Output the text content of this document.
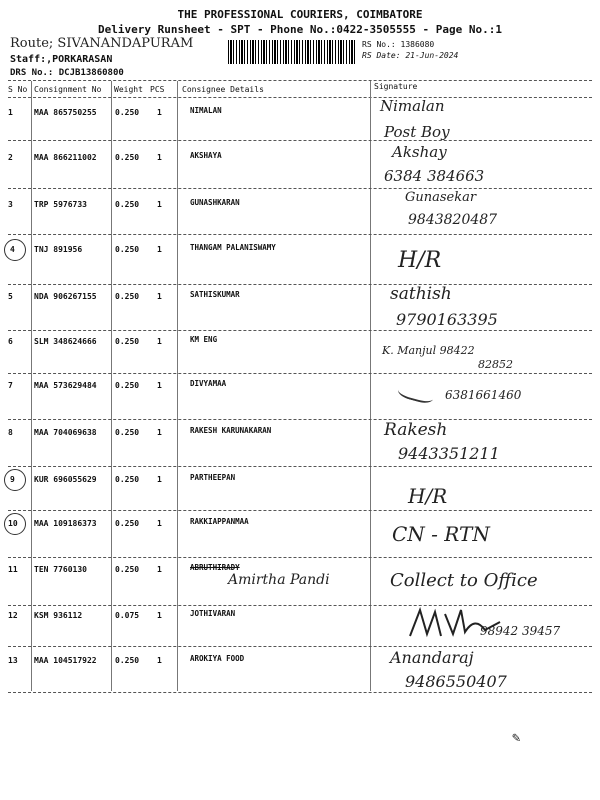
THE PROFESSIONAL COURIERS, COIMBATORE
Delivery Runsheet - SPT - Phone No.:0422-3505555 - Page No.:1
Route; SIVANANDAPURAM
Staff:,PORKARASAN
DRS No.: DCJB13860800
RS No.: 1386080
RS Date: 21-Jun-2024
S No Consignment No Weight PCS Consignee Details	Signature
1	MAA 865750255 0.250 1	NIMALAN	Nimalan
Post Boy
2	MAA 866211002 0.250 1	AKSHAYA	Akshay
6384 384663
3	TRP 5976733	0.250 1	GUNASHKARAN	Gunasekar
9843820487
4 TNJ 891956	0.250 1	THANGAM PALANISWAMY
H/R
5	NDA 906267155 0.250 1	SATHISKUMAR	sathish
9790163395
6	SLM 348624666 0.250 1	KM ENG
K. Manjul 98422
82852
7	MAA 573629484 0.250 1	DIVYAMAA
6381661460
8	MAA 704069638 0.250 1	RAKESH KARUNAKARAN	Rakesh
9443351211
9 KUR 696055629 0.250 1	PARTHEEPAN
H/R
10 MAA 109186373 0.250 1	RAKKIAPPANMAA
CN - RTN
11 TEN 7760130	0.250 1	ABRUTHIRADY
Amirtha Pandi	Collect to Office
12 KSM 936112	0.075 1	JOTHIVARAN
98942 39457
13 MAA 104517922 0.250 1	AROKIYA FOOD	Anandaraj
9486550407
✎
